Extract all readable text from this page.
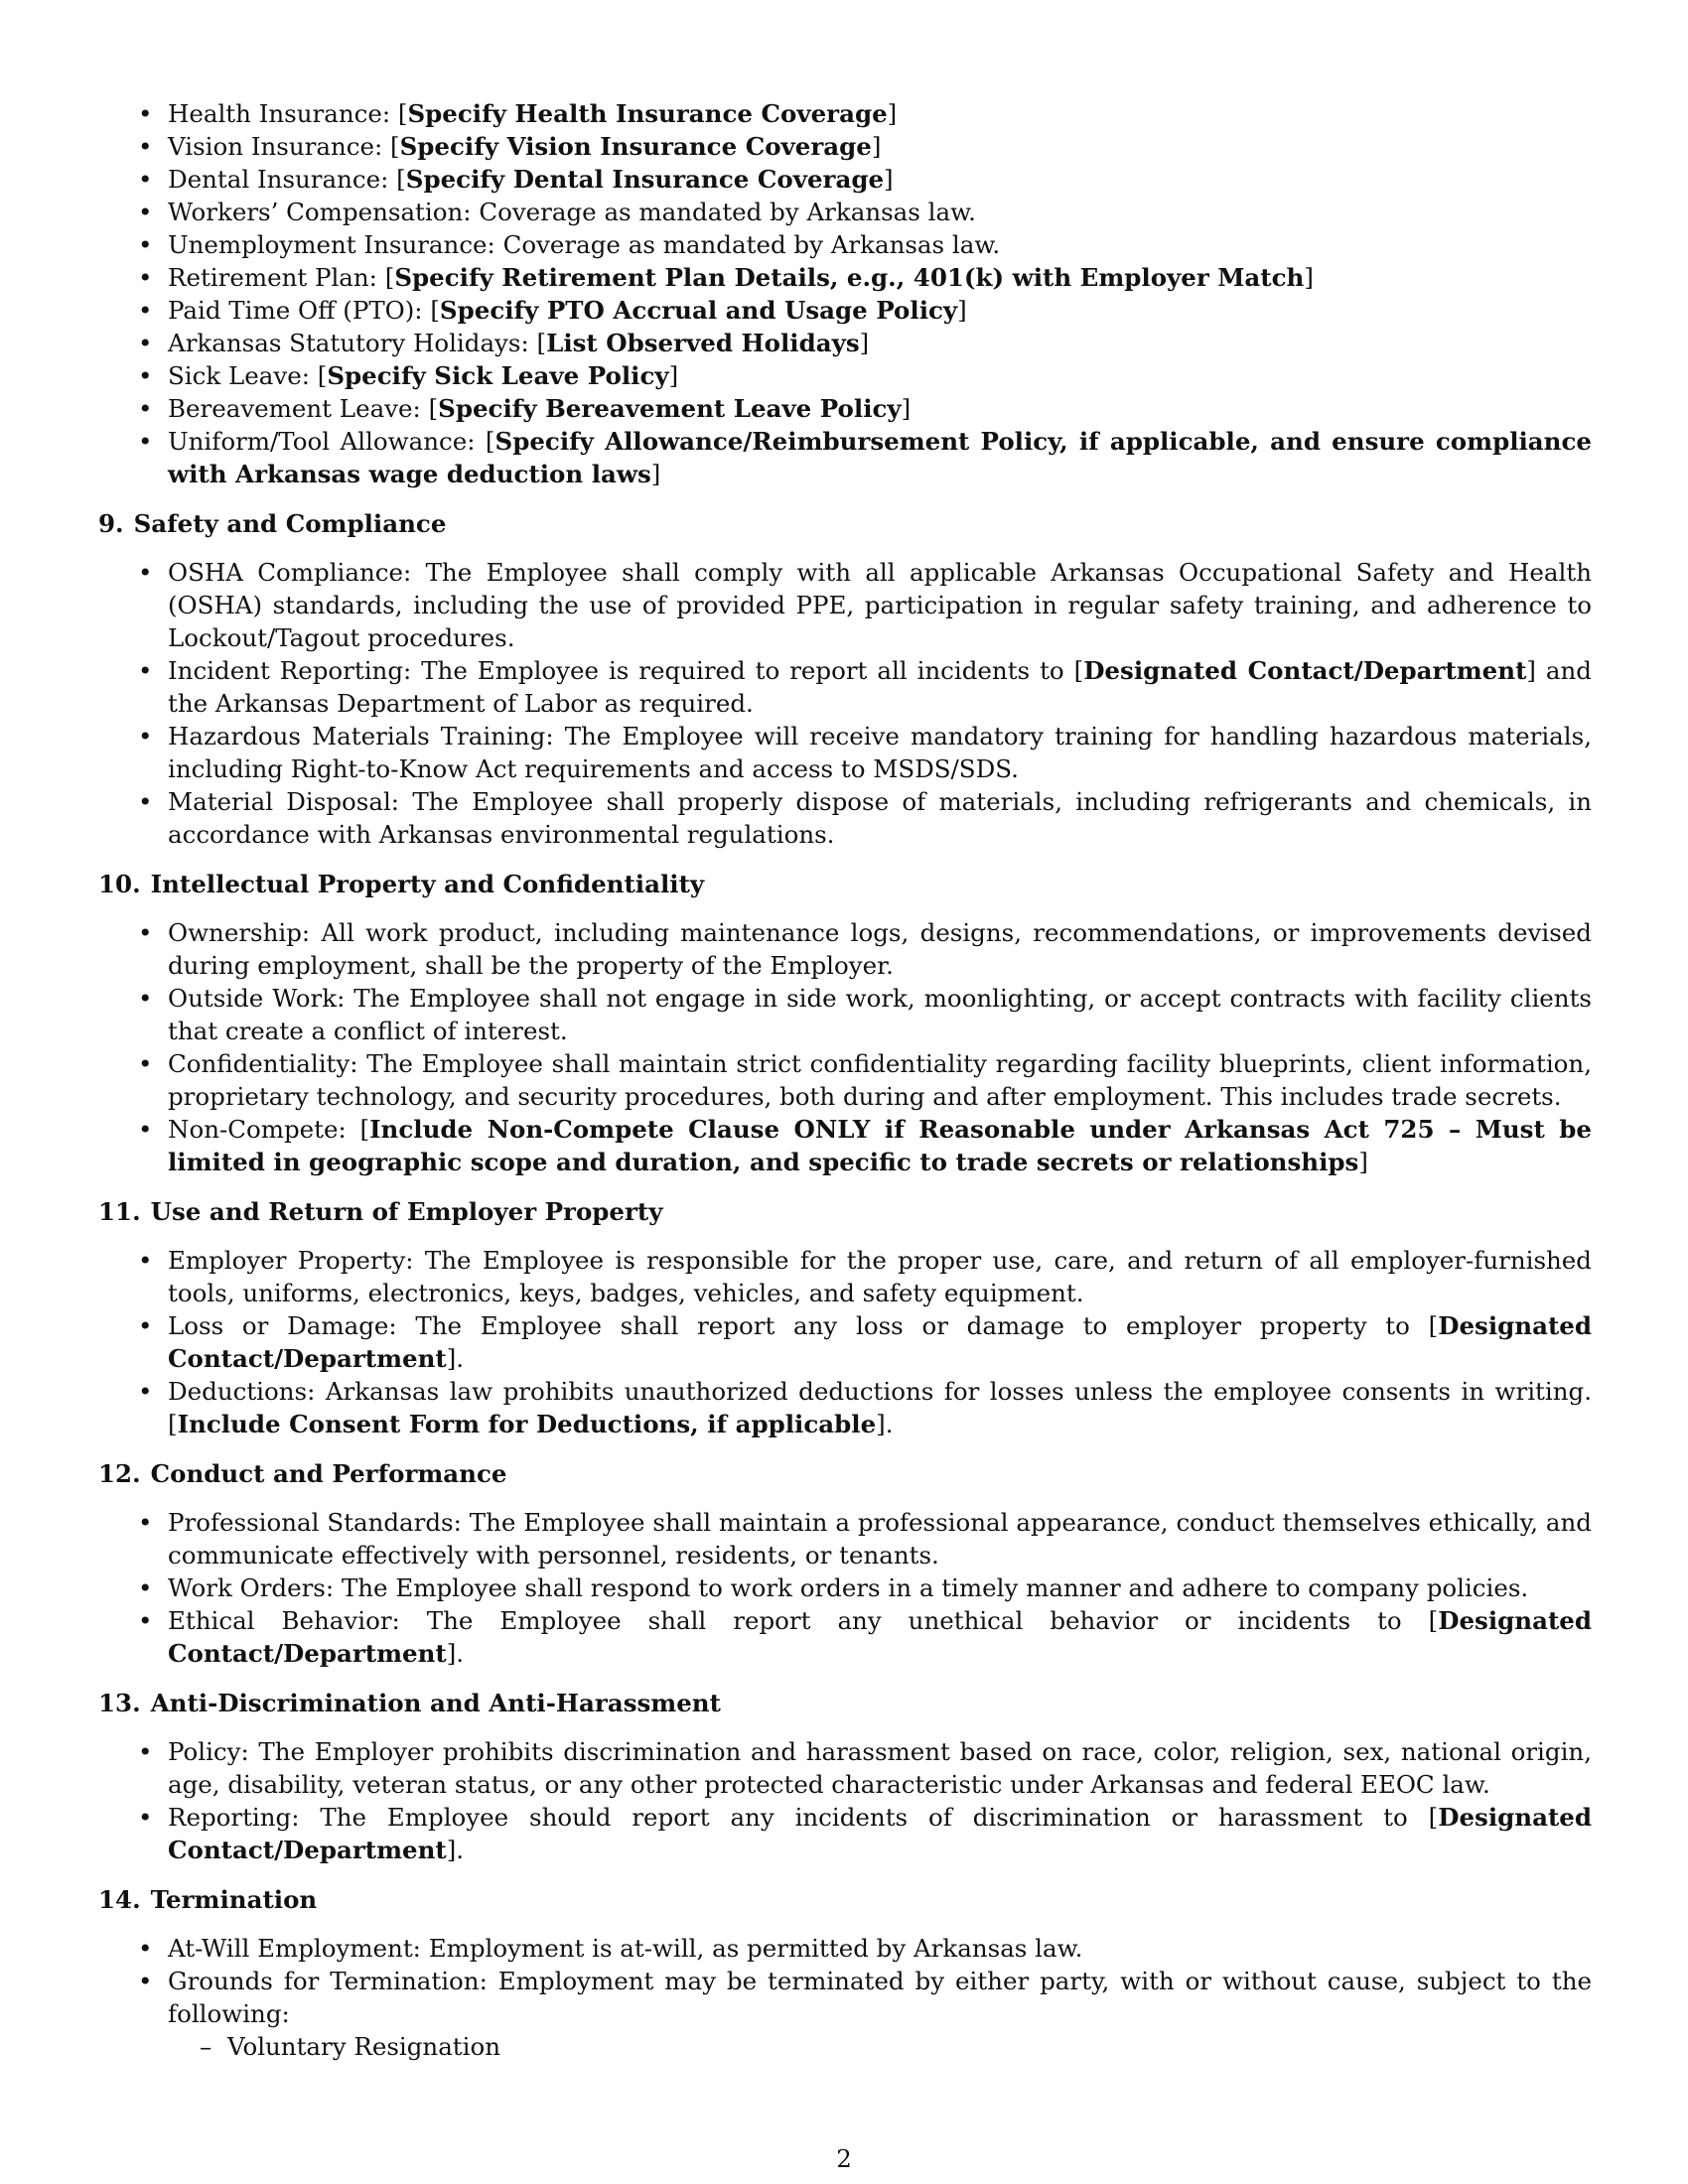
• Health Insurance: [Specify Health Insurance Coverage]
• Vision Insurance: [Specify Vision Insurance Coverage]
• Dental Insurance: [Specify Dental Insurance Coverage]
• Workers’ Compensation: Coverage as mandated by Arkansas law.
• Unemployment Insurance: Coverage as mandated by Arkansas law.
• Retirement Plan: [Specify Retirement Plan Details, e.g., 401(k) with Employer Match]
• Paid Time Off (PTO): [Specify PTO Accrual and Usage Policy]
• Arkansas Statutory Holidays: [List Observed Holidays]
• Sick Leave: [Specify Sick Leave Policy]
• Bereavement Leave: [Specify Bereavement Leave Policy]
• Uniform/Tool Allowance: [Specify Allowance/Reimbursement Policy, if applicable, and ensure compliance with Arkansas wage deduction laws]
9. Safety and Compliance
• OSHA Compliance: The Employee shall comply with all applicable Arkansas Occupational Safety and Health (OSHA) standards, including the use of provided PPE, participation in regular safety training, and adherence to Lockout/Tagout procedures.
• Incident Reporting: The Employee is required to report all incidents to [Designated Contact/Department] and the Arkansas Department of Labor as required.
• Hazardous Materials Training: The Employee will receive mandatory training for handling hazardous materials, including Right-to-Know Act requirements and access to MSDS/SDS.
• Material Disposal: The Employee shall properly dispose of materials, including refrigerants and chemicals, in accordance with Arkansas environmental regulations.
10. Intellectual Property and Confidentiality
• Ownership: All work product, including maintenance logs, designs, recommendations, or improvements devised during employment, shall be the property of the Employer.
• Outside Work: The Employee shall not engage in side work, moonlighting, or accept contracts with facility clients that create a conflict of interest.
• Confidentiality: The Employee shall maintain strict confidentiality regarding facility blueprints, client information, proprietary technology, and security procedures, both during and after employment. This includes trade secrets.
• Non-Compete: [Include Non-Compete Clause ONLY if Reasonable under Arkansas Act 725 – Must be limited in geographic scope and duration, and specific to trade secrets or relationships]
11. Use and Return of Employer Property
• Employer Property: The Employee is responsible for the proper use, care, and return of all employer-furnished tools, uniforms, electronics, keys, badges, vehicles, and safety equipment.
• Loss or Damage: The Employee shall report any loss or damage to employer property to [Designated Contact/Department].
• Deductions: Arkansas law prohibits unauthorized deductions for losses unless the employee consents in writing. [Include Consent Form for Deductions, if applicable].
12. Conduct and Performance
• Professional Standards: The Employee shall maintain a professional appearance, conduct themselves ethically, and communicate effectively with personnel, residents, or tenants.
• Work Orders: The Employee shall respond to work orders in a timely manner and adhere to company policies.
• Ethical Behavior: The Employee shall report any unethical behavior or incidents to [Designated Contact/Department].
13. Anti-Discrimination and Anti-Harassment
• Policy: The Employer prohibits discrimination and harassment based on race, color, religion, sex, national origin, age, disability, veteran status, or any other protected characteristic under Arkansas and federal EEOC law.
• Reporting: The Employee should report any incidents of discrimination or harassment to [Designated Contact/Department].
14. Termination
• At-Will Employment: Employment is at-will, as permitted by Arkansas law.
• Grounds for Termination: Employment may be terminated by either party, with or without cause, subject to the following:
– Voluntary Resignation
2
